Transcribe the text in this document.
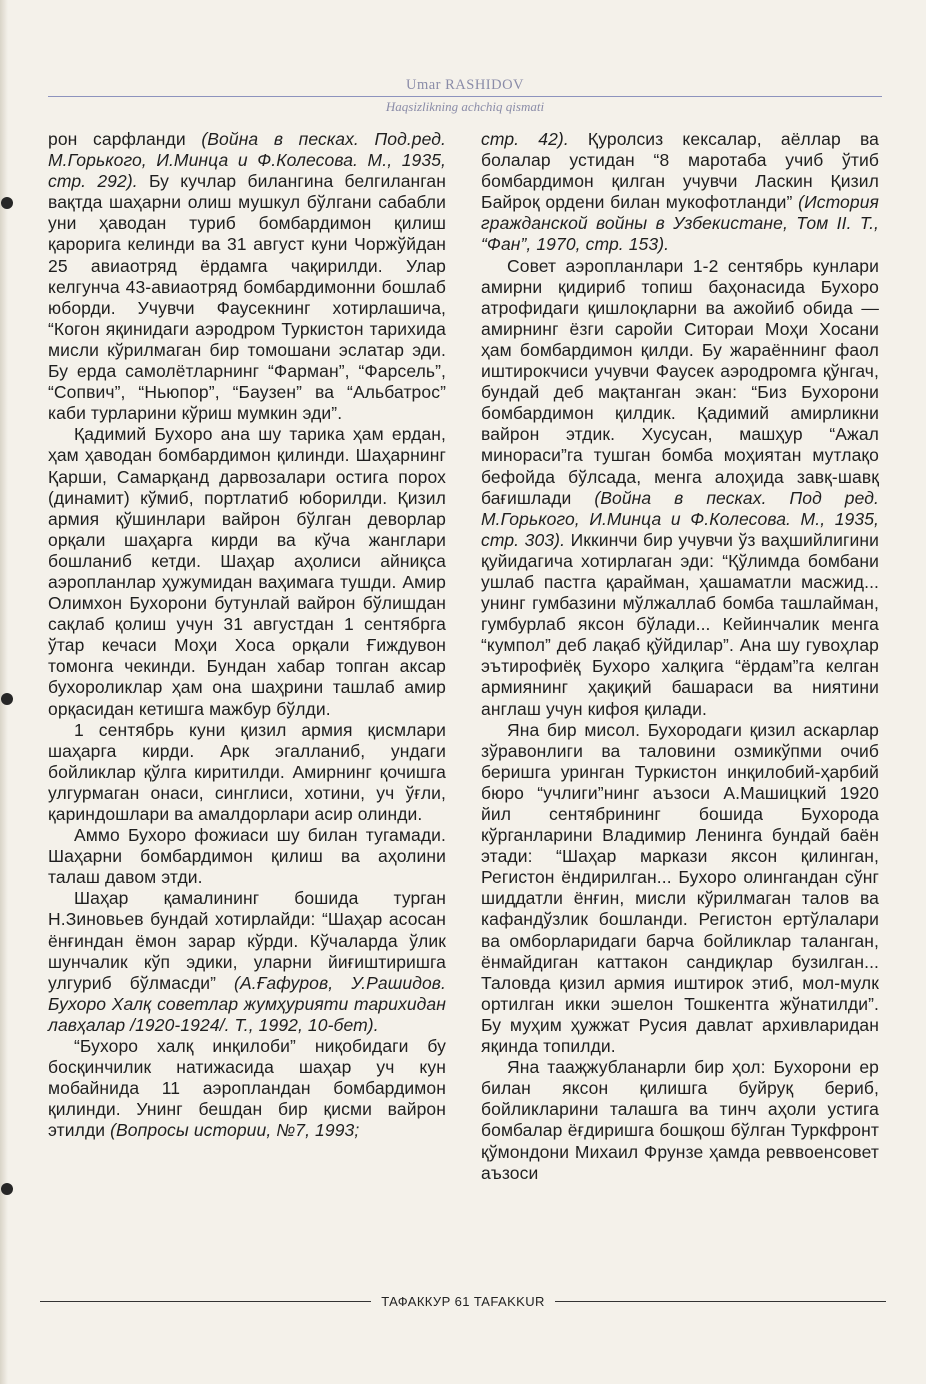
Umar RASHIDOV
Haqsizlikning achchiq qismati

рон сарфланди (Война в песках. Под.ред. М.Горького, И.Минца и Ф.Колесова. М., 1935, стр. 292). Бу кучлар билангина белгиланган вақтда шаҳарни олиш мушкул бўлгани сабабли уни ҳаводан туриб бомбардимон қилиш қарорига келинди ва 31 август куни Чоржўйдан 25 авиаотряд ёрдамга чақирилди. Улар келгунча 43-авиаотряд бомбардимонни бошлаб юборди. Учувчи Фаусекнинг хотирлашича, “Когон яқинидаги аэродром Туркистон тарихида мисли кўрилмаган бир томошани эслатар эди. Бу ерда самолётларнинг “Фарман”, “Фарсель”, “Сопвич”, “Ньюпор”, “Баузен” ва “Альбатрос” каби турларини кўриш мумкин эди”.

Қадимий Бухоро ана шу тарика ҳам ердан, ҳам ҳаводан бомбардимон қилинди. Шаҳарнинг Қарши, Самарқанд дарвозалари остига порох (динамит) кўмиб, портлатиб юборилди. Қизил армия қўшинлари вайрон бўлган деворлар орқали шаҳарга кирди ва кўча жанглари бошланиб кетди. Шаҳар аҳолиси айниқса аэропланлар ҳужумидан ваҳимага тушди. Амир Олимхон Бухорони бутунлай вайрон бўлишдан сақлаб қолиш учун 31 августдан 1 сентябрга ўтар кечаси Моҳи Хоса орқали Ғиждувон томонга чекинди. Бундан хабар топган аксар бухороликлар ҳам она шаҳрини ташлаб амир орқасидан кетишга мажбур бўлди.

1 сентябрь куни қизил армия қисмлари шаҳарга кирди. Арк эгалланиб, ундаги бойликлар қўлга киритилди. Амирнинг қочишга улгурмаган онаси, синглиси, хотини, уч ўғли, қариндошлари ва амалдорлари асир олинди.

Аммо Бухоро фожиаси шу билан тугамади. Шаҳарни бомбардимон қилиш ва аҳолини талаш давом этди.

Шаҳар қамалининг бошида турган Н.Зиновьев бундай хотирлайди: “Шаҳар асосан ёнғиндан ёмон зарар кўрди. Кўчаларда ўлик шунчалик кўп эдики, уларни йиғиштиришга улгуриб бўлмасди” (А.Ғафуров, У.Рашидов. Бухоро Халқ советлар жумҳурияти тарихидан лавҳалар /1920-1924/. Т., 1992, 10-бет).

“Бухоро халқ инқилоби” ниқобидаги бу босқинчилик натижасида шаҳар уч кун мобайнида 11 аэропландан бомбардимон қилинди. Унинг бешдан бир қисми вайрон этилди (Вопросы истории, №7, 1993;

стр. 42). Қуролсиз кексалар, аёллар ва болалар устидан “8 маротаба учиб ўтиб бомбардимон қилган учувчи Ласкин Қизил Байроқ ордени билан мукофотланди” (История гражданской войны в Узбекистане, Том II. Т., “Фан”, 1970, стр. 153).

Совет аэропланлари 1-2 сентябрь кунлари амирни қидириб топиш баҳонасида Бухоро атрофидаги қишлоқларни ва ажойиб обида — амирнинг ёзги саройи Ситораи Моҳи Хосани ҳам бомбардимон қилди. Бу жараённинг фаол иштирокчиси учувчи Фаусек аэродромга қўнгач, бундай деб мақтанган экан: “Биз Бухорони бомбардимон қилдик. Қадимий амирликни вайрон этдик. Хусусан, машҳур “Ажал минораси”га тушган бомба моҳиятан мутлақо бефойда бўлсада, менга алоҳида завқ-шавқ бағишлади (Война в песках. Под ред. М.Горького, И.Минца и Ф.Колесова. М., 1935, стр. 303). Иккинчи бир учувчи ўз ваҳшийлигини қуйидагича хотирлаган эди: “Қўлимда бомбани ушлаб пастга қарайман, ҳашаматли масжид... унинг гумбазини мўлжаллаб бомба ташлайман, гумбурлаб яксон бўлади... Кейинчалик менга “кумпол” деб лақаб қўйдилар”. Ана шу гувоҳлар эътирофиёқ Бухоро халқига “ёрдам”га келган армиянинг ҳақиқий башараси ва ниятини англаш учун кифоя қилади.

Яна бир мисол. Бухородаги қизил аскарлар зўравонлиги ва таловини озмикўпми очиб беришга уринган Туркистон инқилобий-ҳарбий бюро “учлиги”нинг аъзоси А.Машицкий 1920 йил сентябрининг бошида Бухорода кўрганларини Владимир Ленинга бундай баён этади: “Шаҳар маркази яксон қилинган, Регистон ёндирилган... Бухоро олингандан сўнг шиддатли ёнғин, мисли кўрилмаган талов ва кафандўзлик бошланди. Регистон ертўлалари ва омборларидаги барча бойликлар таланган, ёнмайдиган каттакон сандиқлар бузилган... Таловда қизил армия иштирок этиб, мол-мулк ортилган икки эшелон Тошкентга жўнатилди”. Бу муҳим ҳужжат Русия давлат архивларидан яқинда топилди.

Яна тааҗжубланарли бир ҳол: Бухорони ер билан яксон қилишга буйруқ бериб, бойликларини талашга ва тинч аҳоли устига бомбалар ёғдиришга бошқош бўлган Туркфронт қўмондони Михаил Фрунзе ҳамда реввоенсовет аъзоси

ТАФАККУР 61 TAFAKKUR
